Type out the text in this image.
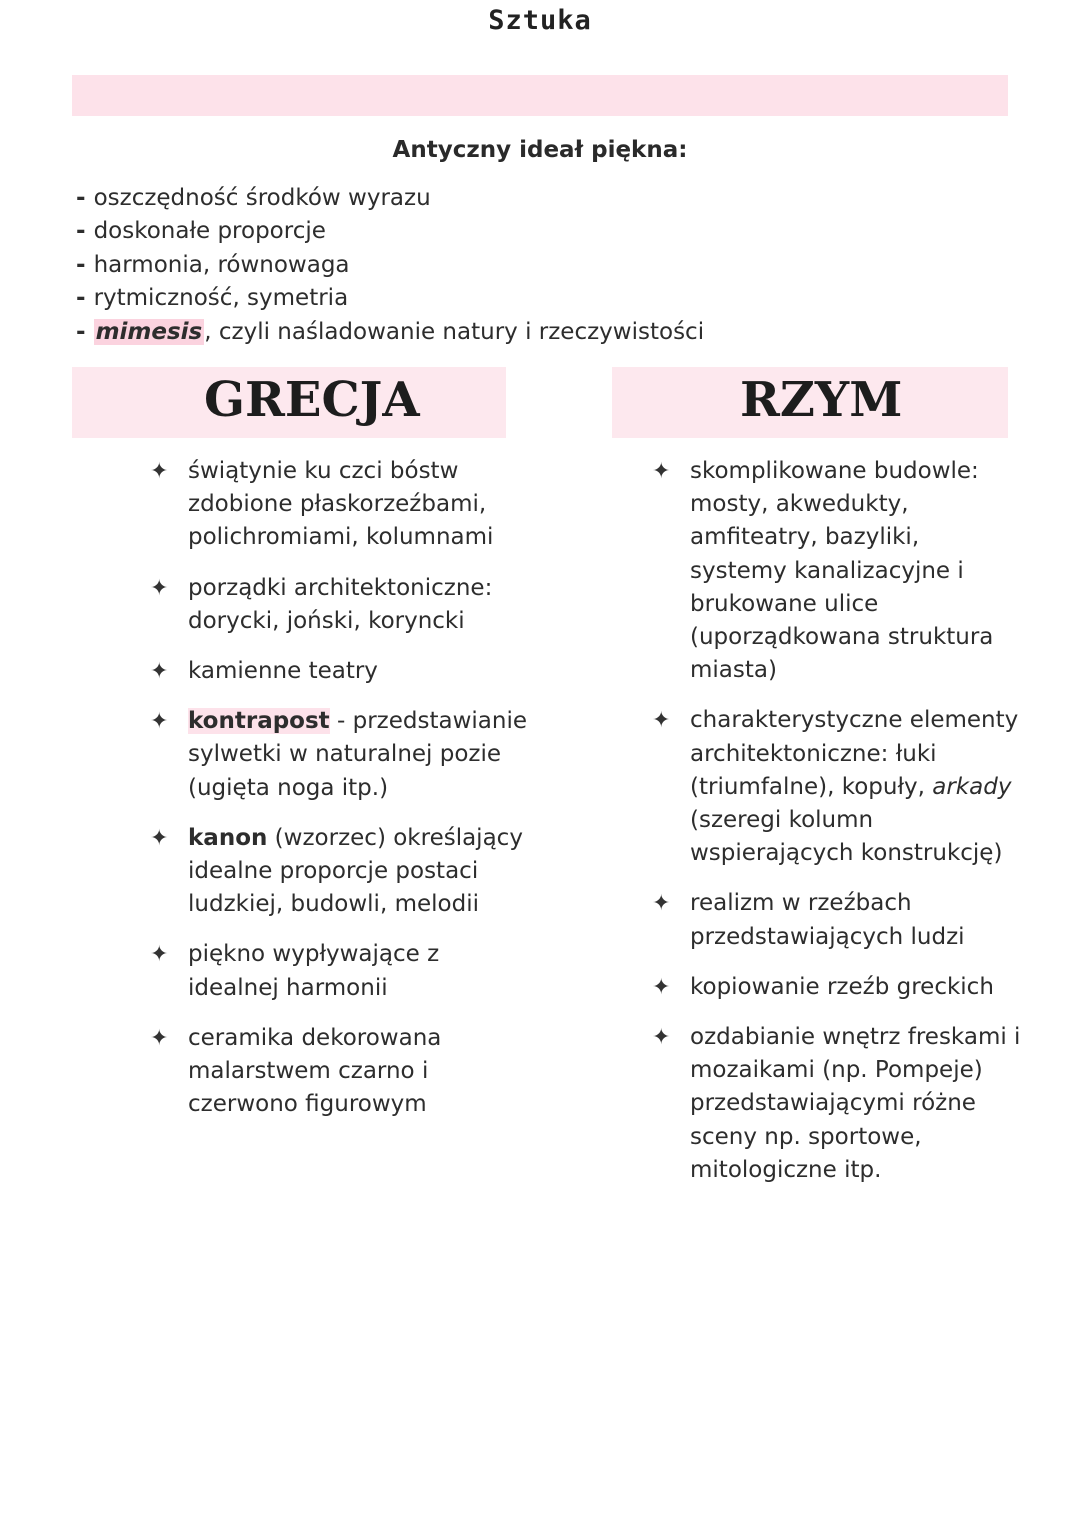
Sztuka
Antyczny ideał piękna:
- oszczędność środków wyrazu
- doskonałe proporcje
- harmonia, równowaga
- rytmiczność, symetria
- mimesis, czyli naśladowanie natury i rzeczywistości
GRECJA	RZYM
✦ świątynie ku czci bóstw zdobione płaskorzeźbami, polichromiami, kolumnami
✦ porządki architektoniczne: dorycki, joński, koryncki
✦ kamienne teatry
✦ kontrapost - przedstawianie sylwetki w naturalnej pozie (ugięta noga itp.)
✦ kanon (wzorzec) określający idealne proporcje postaci ludzkiej, budowli, melodii
✦ piękno wypływające z idealnej harmonii
✦ ceramika dekorowana malarstwem czarno i czerwono figurowym
✦ skomplikowane budowle: mosty, akwedukty, amfiteatry, bazyliki, systemy kanalizacyjne i brukowane ulice (uporządkowana struktura miasta)
✦ charakterystyczne elementy architektoniczne: łuki (triumfalne), kopuły, arkady (szeregi kolumn wspierających konstrukcję)
✦ realizm w rzeźbach przedstawiających ludzi
✦ kopiowanie rzeźb greckich
✦ ozdabianie wnętrz freskami i mozaikami (np. Pompeje) przedstawiającymi różne sceny np. sportowe, mitologiczne itp.
